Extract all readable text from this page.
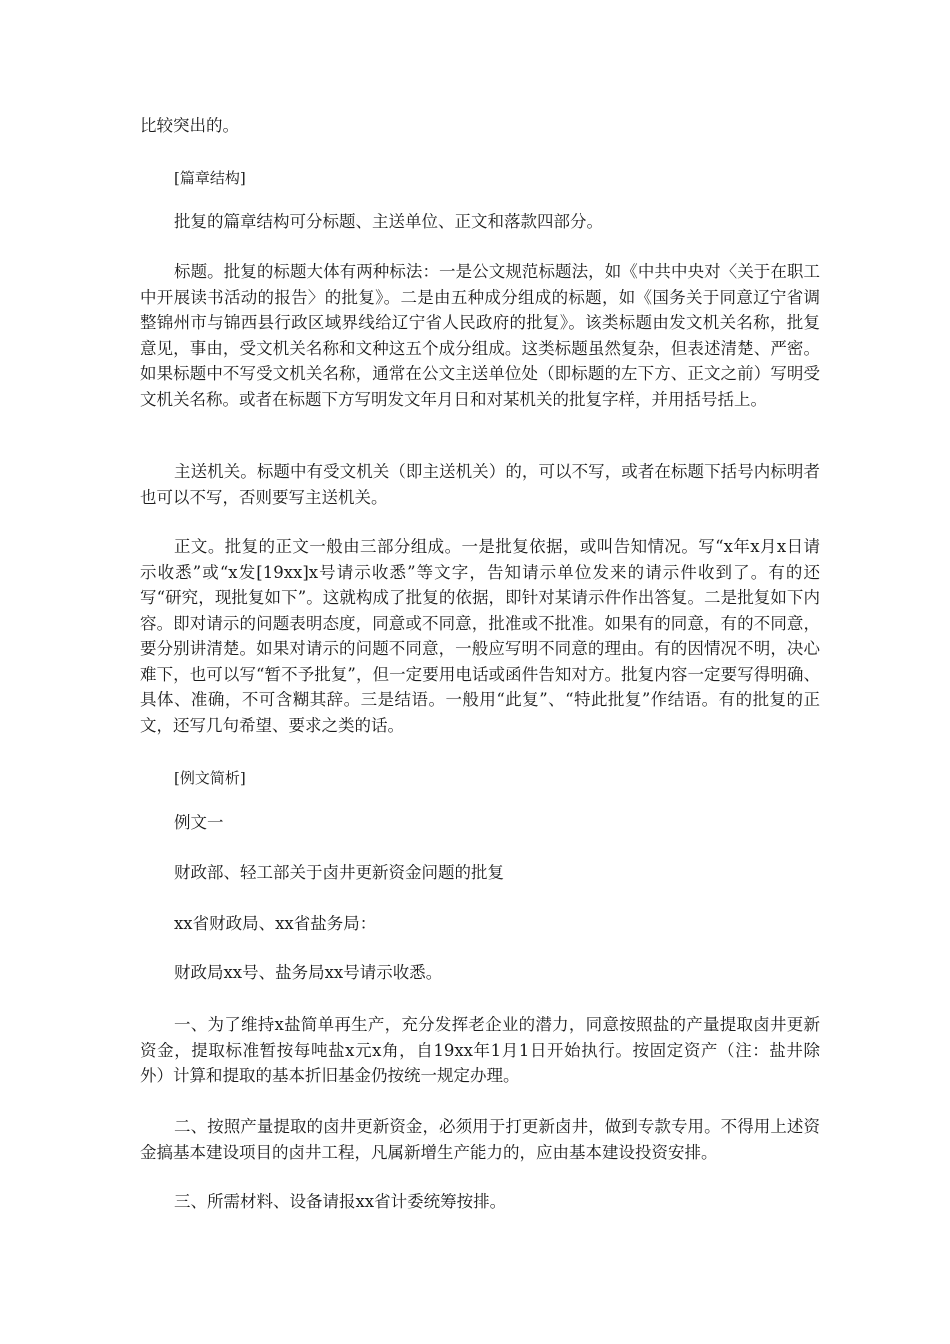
比较突出的。

[篇章结构]

批复的篇章结构可分标题、主送单位、正文和落款四部分。

标题。批复的标题大体有两种标法：一是公文规范标题法，如《中共中央对〈关于在职工中开展读书活动的报告〉的批复》。二是由五种成分组成的标题，如《国务关于同意辽宁省调整锦州市与锦西县行政区域界线给辽宁省人民政府的批复》。该类标题由发文机关名称，批复意见，事由，受文机关名称和文种这五个成分组成。这类标题虽然复杂，但表述清楚、严密。如果标题中不写受文机关名称，通常在公文主送单位处（即标题的左下方、正文之前）写明受文机关名称。或者在标题下方写明发文年月日和对某机关的批复字样，并用括号括上。

主送机关。标题中有受文机关（即主送机关）的，可以不写，或者在标题下括号内标明者也可以不写，否则要写主送机关。

正文。批复的正文一般由三部分组成。一是批复依据，或叫告知情况。写“x年x月x日请示收悉”或“x发[19xx]x号请示收悉”等文字，告知请示单位发来的请示件收到了。有的还写“研究，现批复如下”。这就构成了批复的依据，即针对某请示件作出答复。二是批复如下内容。即对请示的问题表明态度，同意或不同意，批准或不批准。如果有的同意，有的不同意，要分别讲清楚。如果对请示的问题不同意，一般应写明不同意的理由。有的因情况不明，决心难下，也可以写“暂不予批复”，但一定要用电话或函件告知对方。批复内容一定要写得明确、具体、准确，不可含糊其辞。三是结语。一般用“此复”、“特此批复”作结语。有的批复的正文，还写几句希望、要求之类的话。

[例文简析]

例文一

财政部、轻工部关于卤井更新资金问题的批复

xx省财政局、xx省盐务局：

财政局xx号、盐务局xx号请示收悉。

一、为了维持x盐简单再生产，充分发挥老企业的潜力，同意按照盐的产量提取卤井更新资金，提取标准暂按每吨盐x元x角，自19xx年1月1日开始执行。按固定资产（注：盐井除外）计算和提取的基本折旧基金仍按统一规定办理。

二、按照产量提取的卤井更新资金，必须用于打更新卤井，做到专款专用。不得用上述资金搞基本建设项目的卤井工程，凡属新增生产能力的，应由基本建设投资安排。

三、所需材料、设备请报xx省计委统筹按排。
